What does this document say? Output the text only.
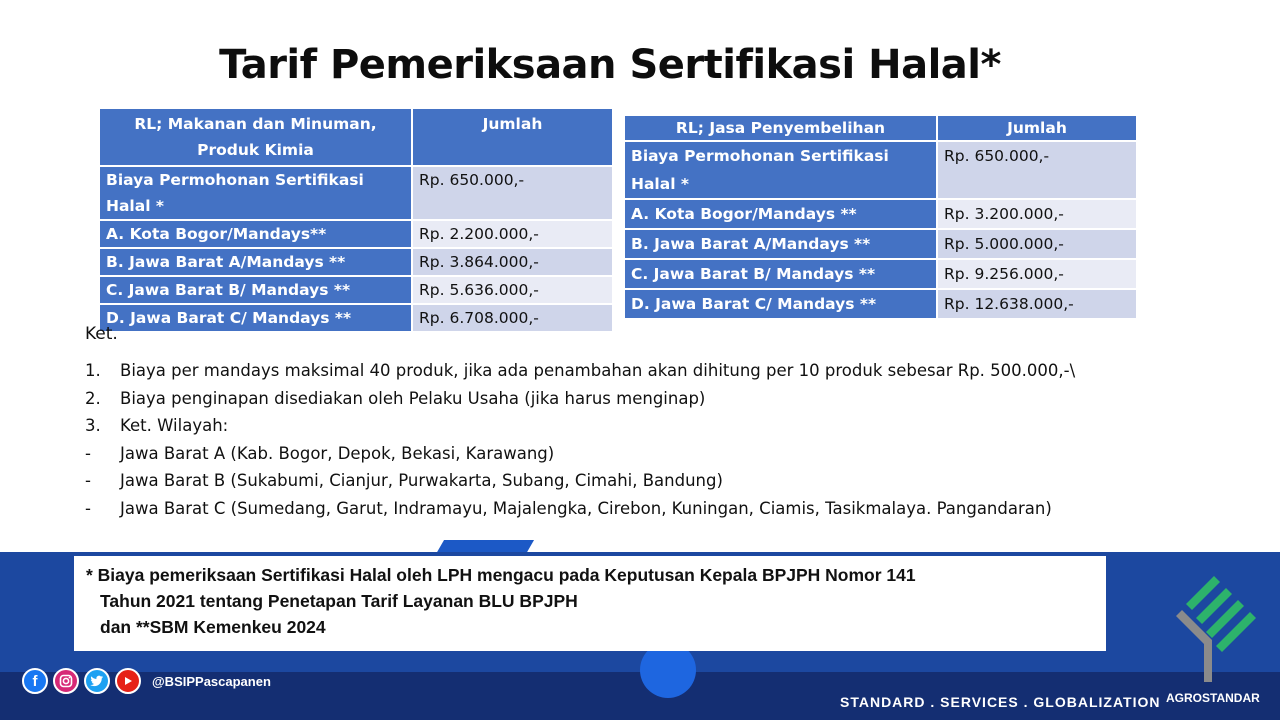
Tarif Pemeriksaan Sertifikasi Halal*
RL; Makanan dan Minuman, Produk Kimia	Jumlah
Biaya Permohonan Sertifikasi Halal *	Rp. 650.000,-
A. Kota Bogor/Mandays**	Rp. 2.200.000,-
B. Jawa Barat A/Mandays **	Rp. 3.864.000,-
C. Jawa Barat B/ Mandays **	Rp. 5.636.000,-
D. Jawa Barat C/ Mandays **	Rp. 6.708.000,-
RL; Jasa Penyembelihan	Jumlah
Biaya Permohonan Sertifikasi Halal *	Rp. 650.000,-
A. Kota Bogor/Mandays **	Rp. 3.200.000,-
B. Jawa Barat A/Mandays **	Rp. 5.000.000,-
C. Jawa Barat B/ Mandays **	Rp. 9.256.000,-
D. Jawa Barat C/ Mandays **	Rp. 12.638.000,-
Ket.
1.	Biaya per mandays maksimal 40 produk, jika ada penambahan akan dihitung per 10 produk sebesar Rp. 500.000,-\
2.	Biaya penginapan disediakan oleh Pelaku Usaha (jika harus menginap)
3.	Ket. Wilayah:
-	Jawa Barat A (Kab. Bogor, Depok, Bekasi, Karawang)
-	Jawa Barat B (Sukabumi, Cianjur, Purwakarta, Subang, Cimahi, Bandung)
-	Jawa Barat C (Sumedang, Garut, Indramayu, Majalengka, Cirebon, Kuningan, Ciamis, Tasikmalaya. Pangandaran)
* Biaya pemeriksaan Sertifikasi Halal oleh LPH mengacu pada Keputusan Kepala BPJPH Nomor 141
Tahun 2021 tentang Penetapan Tarif Layanan BLU BPJPH
dan **SBM Kemenkeu 2024
f	@BSIPPascapanen
STANDARD . SERVICES . GLOBALIZATION AGROSTANDAR
